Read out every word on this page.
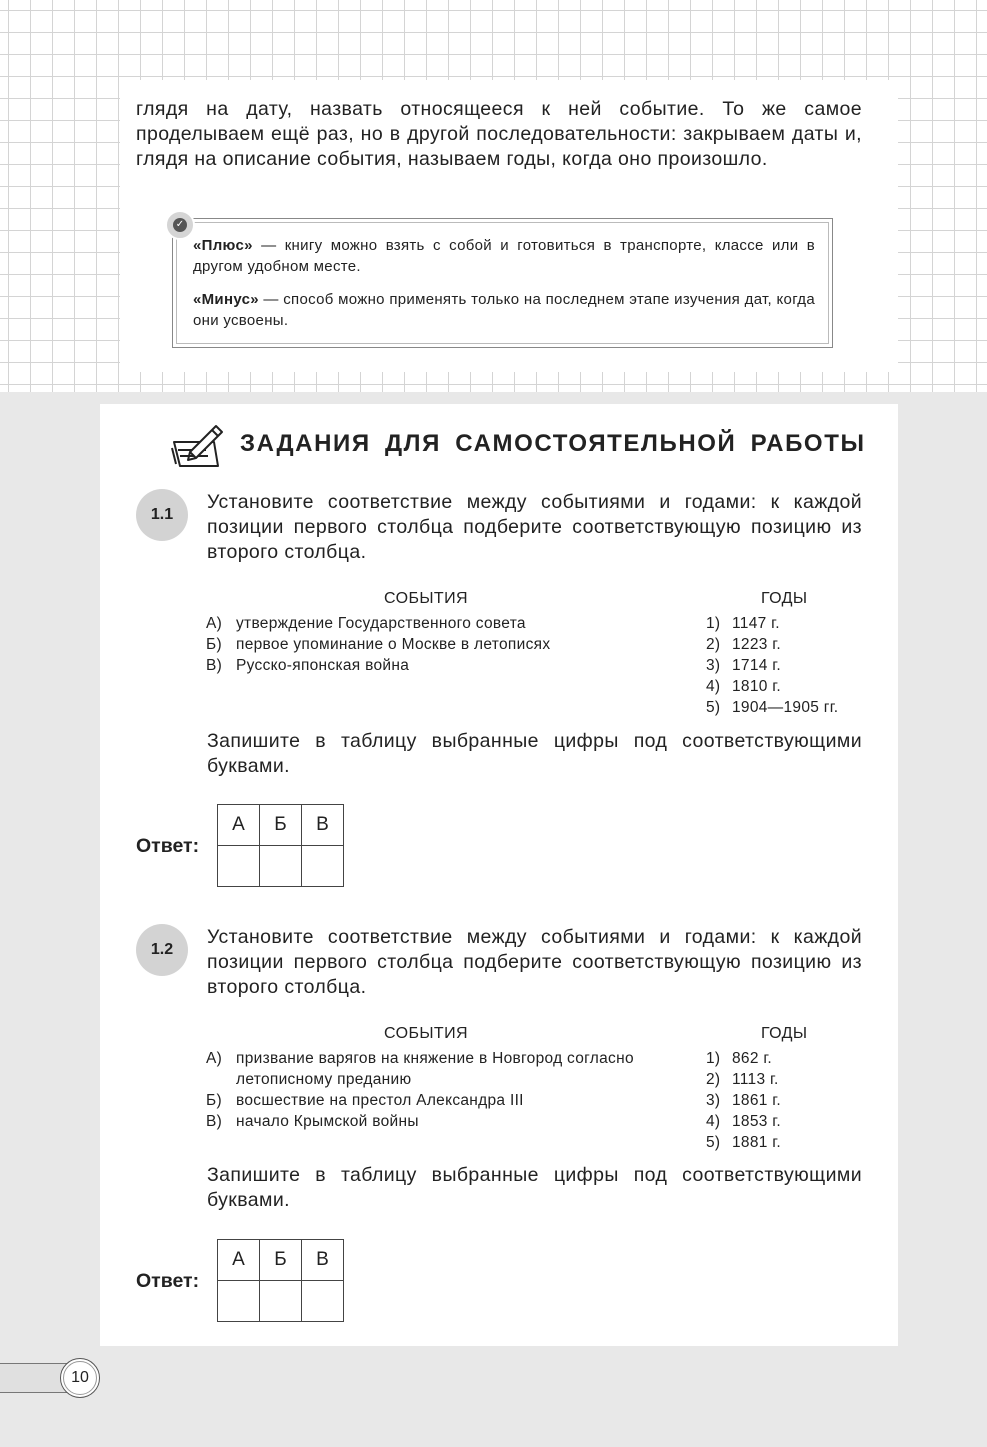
глядя на дату, назвать относящееся к ней событие. То же самое проделываем ещё раз, но в другой последовательности: закрываем даты и, глядя на описание события, называем годы, когда оно произошло.

✓

«Плюс» — книгу можно взять с собой и готовиться в транспорте, классе или в другом удобном месте.

«Минус» — способ можно применять только на последнем этапе изучения дат, когда они усвоены.

ЗАДАНИЯ ДЛЯ САМОСТОЯТЕЛЬНОЙ РАБОТЫ
1.1

Установите соответствие между событиями и годами: к каждой позиции первого столбца подберите соответствующую позицию из второго столбца.

СОБЫТИЯ	ГОДЫ
А) утверждение Государственного совета
Б) первое упоминание о Москве в летописях
В) Русско-японская война
1) 1147 г.
2) 1223 г.
3) 1714 г.
4) 1810 г.
5) 1904—1905 гг.

Запишите в таблицу выбранные цифры под соответствующими буквами.

Ответ:
А	Б	В

1.2

Установите соответствие между событиями и годами: к каждой позиции первого столбца подберите соответствующую позицию из второго столбца.

СОБЫТИЯ	ГОДЫ
А) призвание варягов на княжение в Новгород согласно летописному преданию
Б) восшествие на престол Александра III
В) начало Крымской войны
1) 862 г.
2) 1113 г.
3) 1861 г.
4) 1853 г.
5) 1881 г.

Запишите в таблицу выбранные цифры под соответствующими буквами.

Ответ:
А	Б	В

10
